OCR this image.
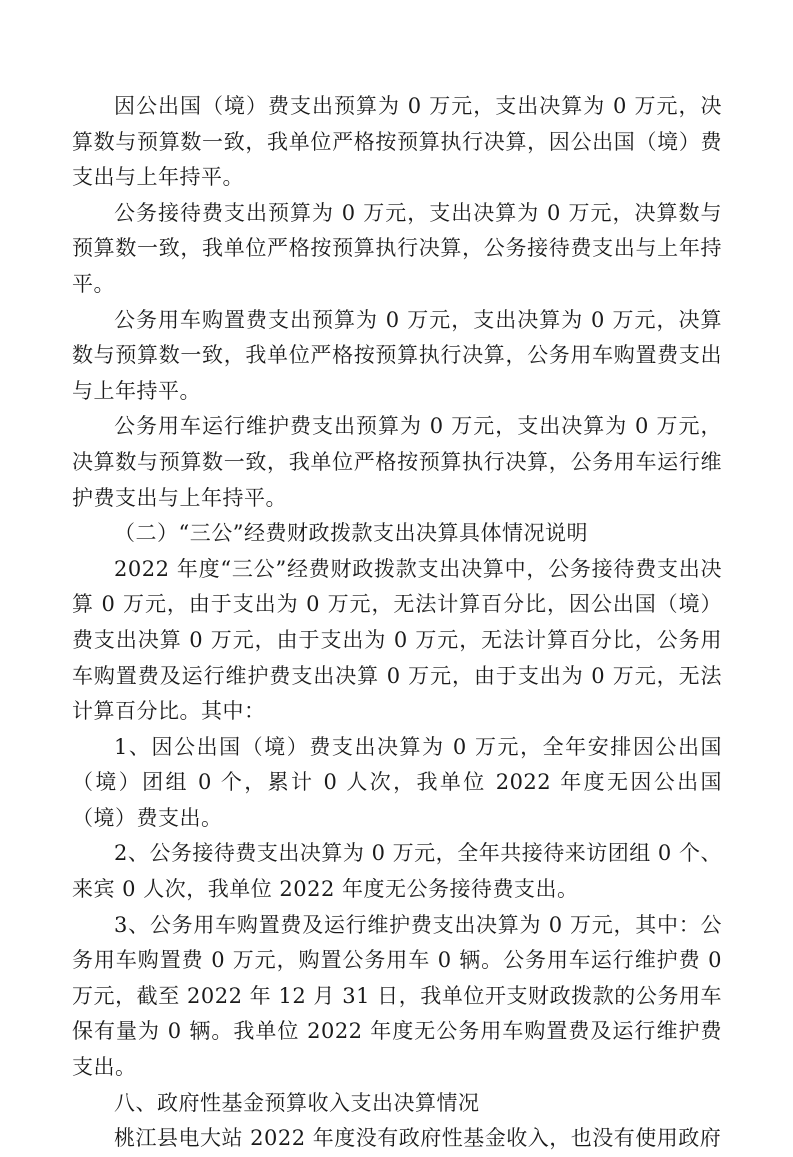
因公出国（境）费支出预算为 0 万元，支出决算为 0 万元，决算数与预算数一致，我单位严格按预算执行决算，因公出国（境）费支出与上年持平。

公务接待费支出预算为 0 万元，支出决算为 0 万元，决算数与预算数一致，我单位严格按预算执行决算，公务接待费支出与上年持平。

公务用车购置费支出预算为 0 万元，支出决算为 0 万元，决算数与预算数一致，我单位严格按预算执行决算，公务用车购置费支出与上年持平。

公务用车运行维护费支出预算为 0 万元，支出决算为 0 万元，决算数与预算数一致，我单位严格按预算执行决算，公务用车运行维护费支出与上年持平。

（二）“三公”经费财政拨款支出决算具体情况说明

2022 年度“三公”经费财政拨款支出决算中，公务接待费支出决算 0 万元，由于支出为 0 万元，无法计算百分比，因公出国（境）费支出决算 0 万元，由于支出为 0 万元，无法计算百分比，公务用车购置费及运行维护费支出决算 0 万元，由于支出为 0 万元，无法计算百分比。其中：

1、因公出国（境）费支出决算为 0 万元，全年安排因公出国（境）团组 0 个，累计 0 人次，我单位 2022 年度无因公出国（境）费支出。

2、公务接待费支出决算为 0 万元，全年共接待来访团组 0 个、来宾 0 人次，我单位 2022 年度无公务接待费支出。

3、公务用车购置费及运行维护费支出决算为 0 万元，其中：公务用车购置费 0 万元，购置公务用车 0 辆。公务用车运行维护费 0 万元，截至 2022 年 12 月 31 日，我单位开支财政拨款的公务用车保有量为 0 辆。我单位 2022 年度无公务用车购置费及运行维护费支出。

八、政府性基金预算收入支出决算情况

桃江县电大站 2022 年度没有政府性基金收入，也没有使用政府
